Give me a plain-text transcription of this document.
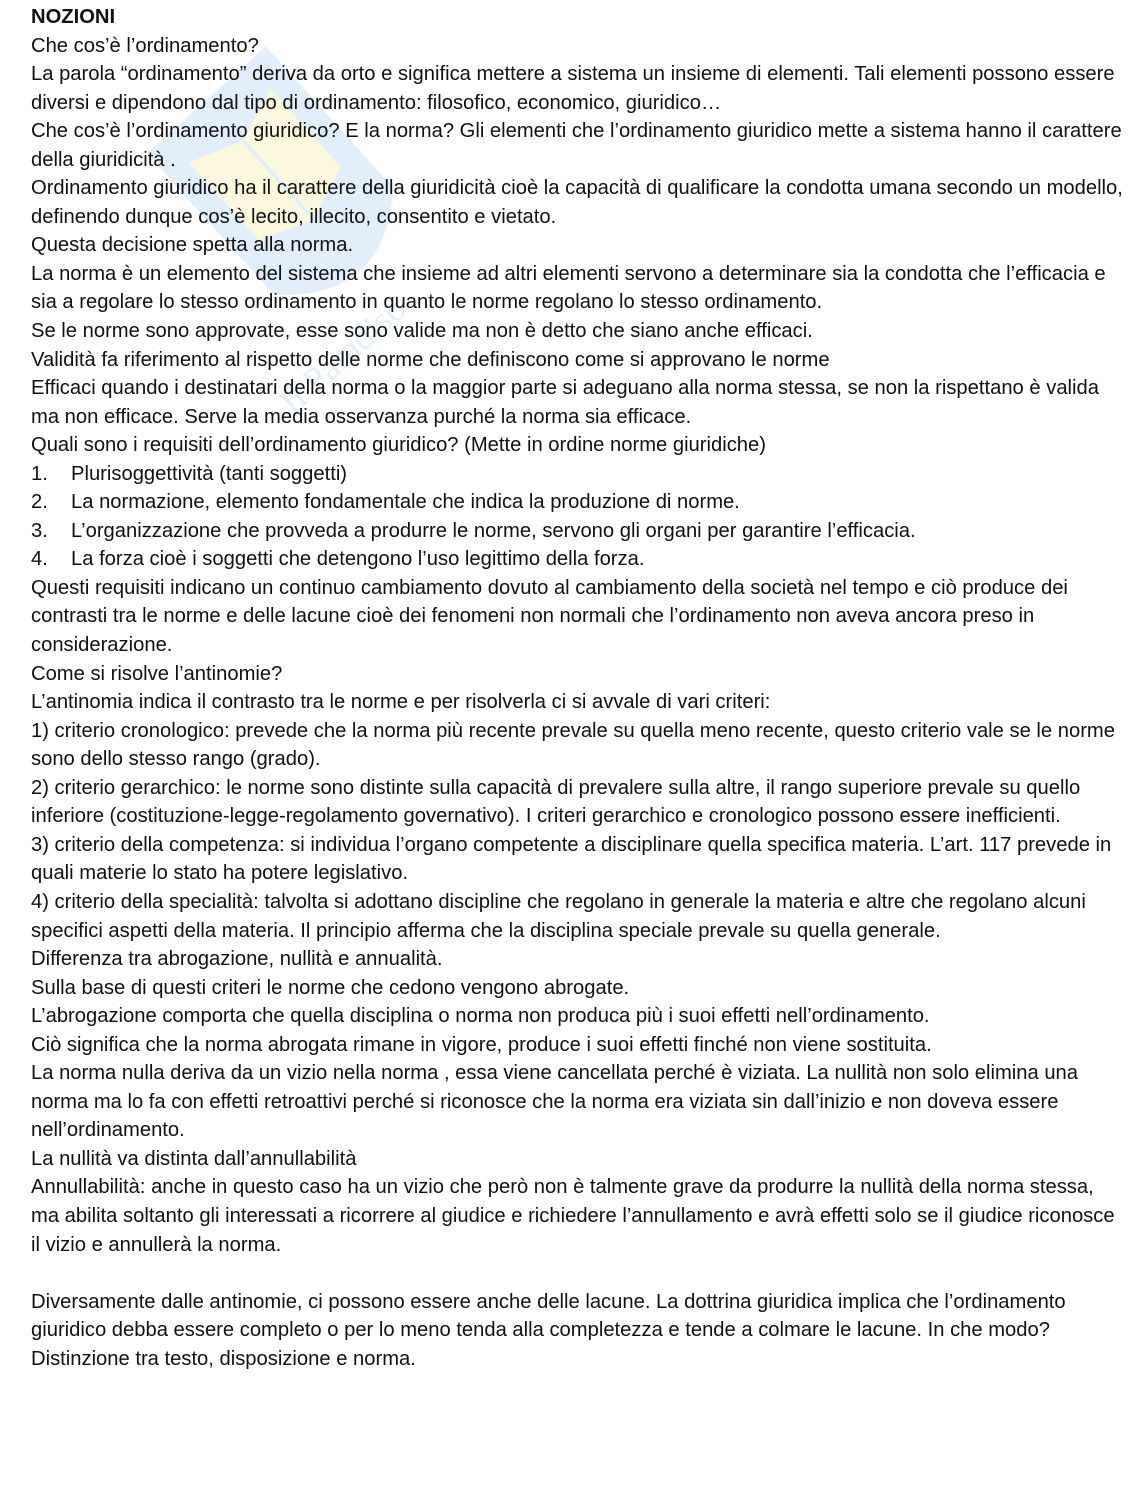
Il Paradiso

NOZIONI

Che cos’è l’ordinamento?

La parola “ordinamento” deriva da orto e significa mettere a sistema un insieme di elementi. Tali elementi possono essere diversi e dipendono dal tipo di ordinamento: filosofico, economico, giuridico…

Che cos’è l’ordinamento giuridico? E la norma? Gli elementi che l’ordinamento giuridico mette a sistema hanno il carattere della giuridicità .

Ordinamento giuridico ha il carattere della giuridicità cioè la capacità di qualificare la condotta umana secondo un modello, definendo dunque cos’è lecito, illecito, consentito e vietato.

Questa decisione spetta alla norma.

La norma è un elemento del sistema che insieme ad altri elementi servono a determinare sia la condotta che l’efficacia e sia a regolare lo stesso ordinamento in quanto le norme regolano lo stesso ordinamento.

Se le norme sono approvate, esse sono valide ma non è detto che siano anche efficaci.

Validità fa riferimento al rispetto delle norme che definiscono come si approvano le norme

Efficaci quando i destinatari della norma o la maggior parte si adeguano alla norma stessa, se non la rispettano è valida ma non efficace. Serve la media osservanza purché la norma sia efficace.

Quali sono i requisiti dell’ordinamento giuridico? (Mette in ordine norme giuridiche)

1.	Plurisoggettività (tanti soggetti)
2.	La normazione, elemento fondamentale che indica la produzione di norme.
3.	L’organizzazione che provveda a produrre le norme, servono gli organi per garantire l’efficacia.
4.	La forza cioè i soggetti che detengono l’uso legittimo della forza.

Questi requisiti indicano un continuo cambiamento dovuto al cambiamento della società nel tempo e ciò produce dei contrasti tra le norme e delle lacune cioè dei fenomeni non normali che l’ordinamento non aveva ancora preso in considerazione.

Come si risolve l’antinomie?

L’antinomia indica il contrasto tra le norme e per risolverla ci si avvale di vari criteri:

1) criterio cronologico: prevede che la norma più recente prevale su quella meno recente, questo criterio vale se le norme sono dello stesso rango (grado).

2) criterio gerarchico: le norme sono distinte sulla capacità di prevalere sulla altre, il rango superiore prevale su quello inferiore (costituzione-legge-regolamento governativo). I criteri gerarchico e cronologico possono essere inefficienti.

3) criterio della competenza: si individua l’organo competente a disciplinare quella specifica materia. L’art. 117 prevede in quali materie lo stato ha potere legislativo.

4) criterio della specialità: talvolta si adottano discipline che regolano in generale la materia e altre che regolano alcuni specifici aspetti della materia. Il principio afferma che la disciplina speciale prevale su quella generale.

Differenza tra abrogazione, nullità e annualità.

Sulla base di questi criteri le norme che cedono vengono abrogate.

L’abrogazione comporta che quella disciplina o norma non produca più i suoi effetti nell’ordinamento.

Ciò significa che la norma abrogata rimane in vigore, produce i suoi effetti finché non viene sostituita.

La norma nulla deriva da un vizio nella norma , essa viene cancellata perché è viziata. La nullità non solo elimina una norma ma lo fa con effetti retroattivi perché si riconosce che la norma era viziata sin dall’inizio e non doveva essere nell’ordinamento.

La nullità va distinta dall’annullabilità

Annullabilità: anche in questo caso ha un vizio che però non è talmente grave da produrre la nullità della norma stessa, ma abilita soltanto gli interessati a ricorrere al giudice e richiedere l’annullamento e avrà effetti solo se il giudice riconosce il vizio e annullerà la norma.

Diversamente dalle antinomie, ci possono essere anche delle lacune. La dottrina giuridica implica che l’ordinamento giuridico debba essere completo o per lo meno tenda alla completezza e tende a colmare le lacune. In che modo? Distinzione tra testo, disposizione e norma.
